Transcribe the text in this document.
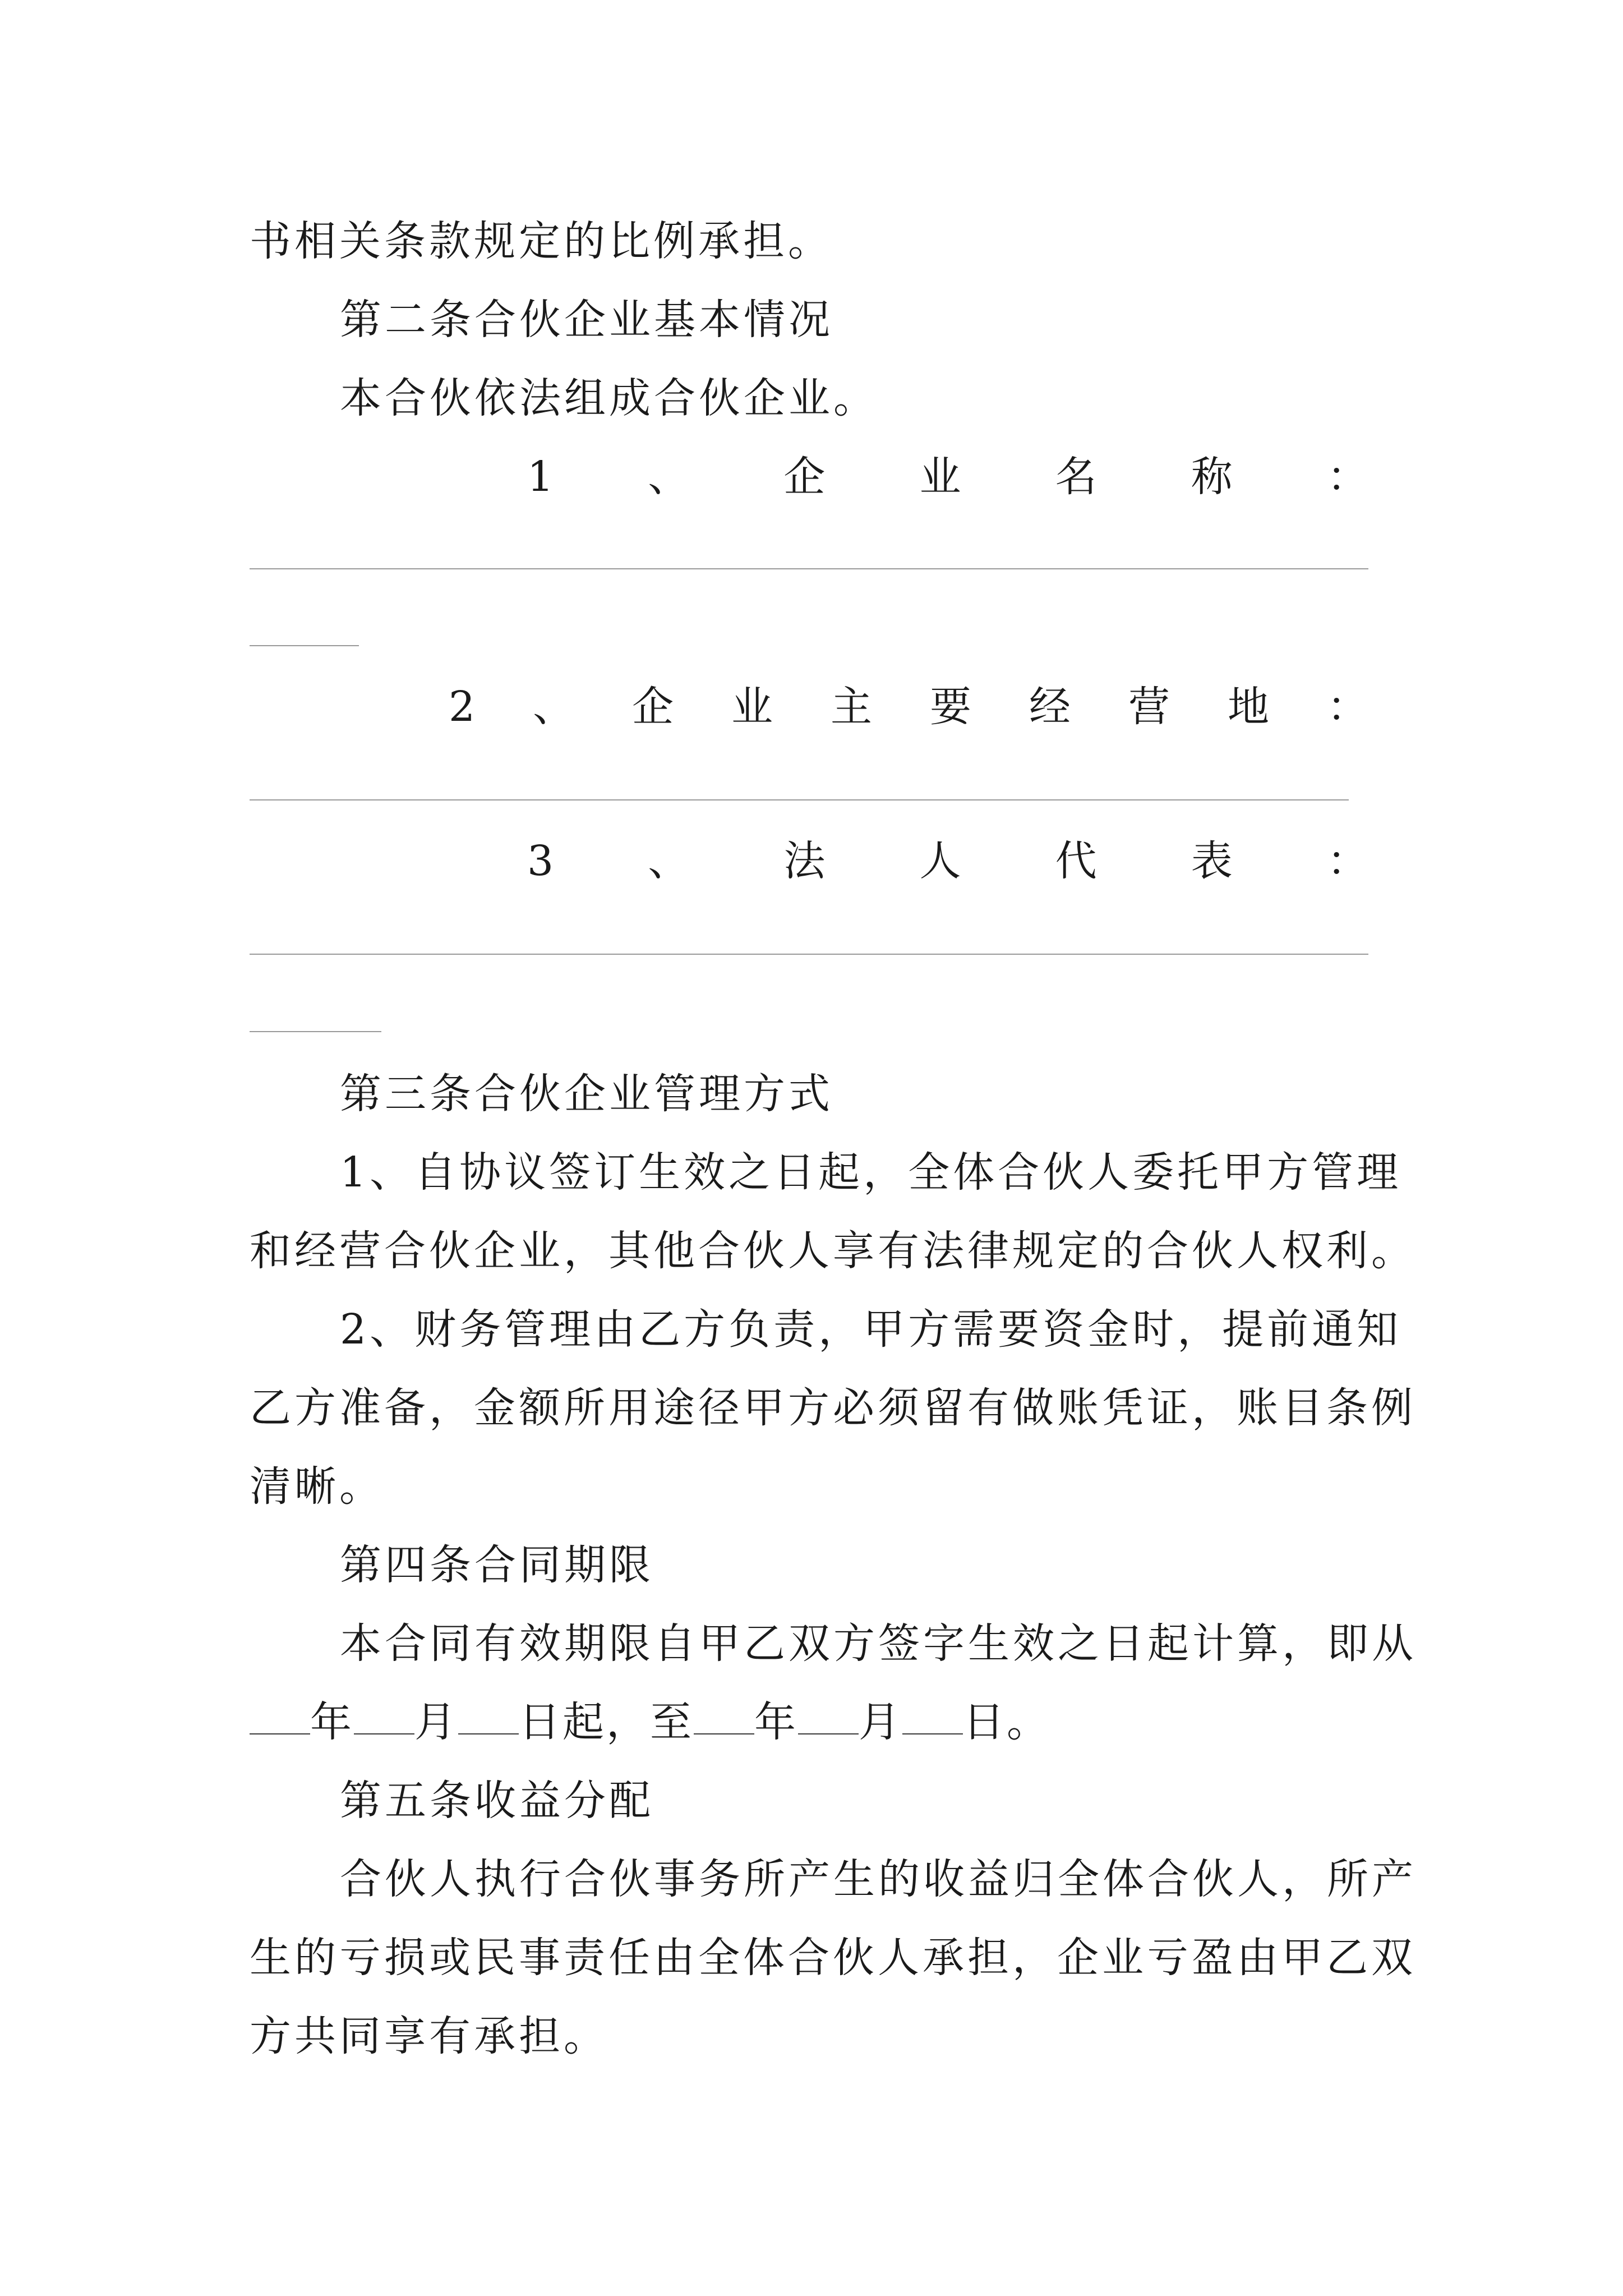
书相关条款规定的比例承担。
第二条合伙企业基本情况
本合伙依法组成合伙企业。
1 、 企 业 名 称 ：
2 、 企 业 主 要 经 营 地 ：
3 、 法 人 代 表 ：
第三条合伙企业管理方式
1、自协议签订生效之日起，全体合伙人委托甲方管理
和经营合伙企业，其他合伙人享有法律规定的合伙人权利。
2、财务管理由乙方负责，甲方需要资金时，提前通知
乙方准备，金额所用途径甲方必须留有做账凭证，账目条例
清晰。
第四条合同期限
本合同有效期限自甲乙双方签字生效之日起计算，即从
年 月 日起，至 年 月 日。
第五条收益分配
合伙人执行合伙事务所产生的收益归全体合伙人，所产
生的亏损或民事责任由全体合伙人承担，企业亏盈由甲乙双
方共同享有承担。
